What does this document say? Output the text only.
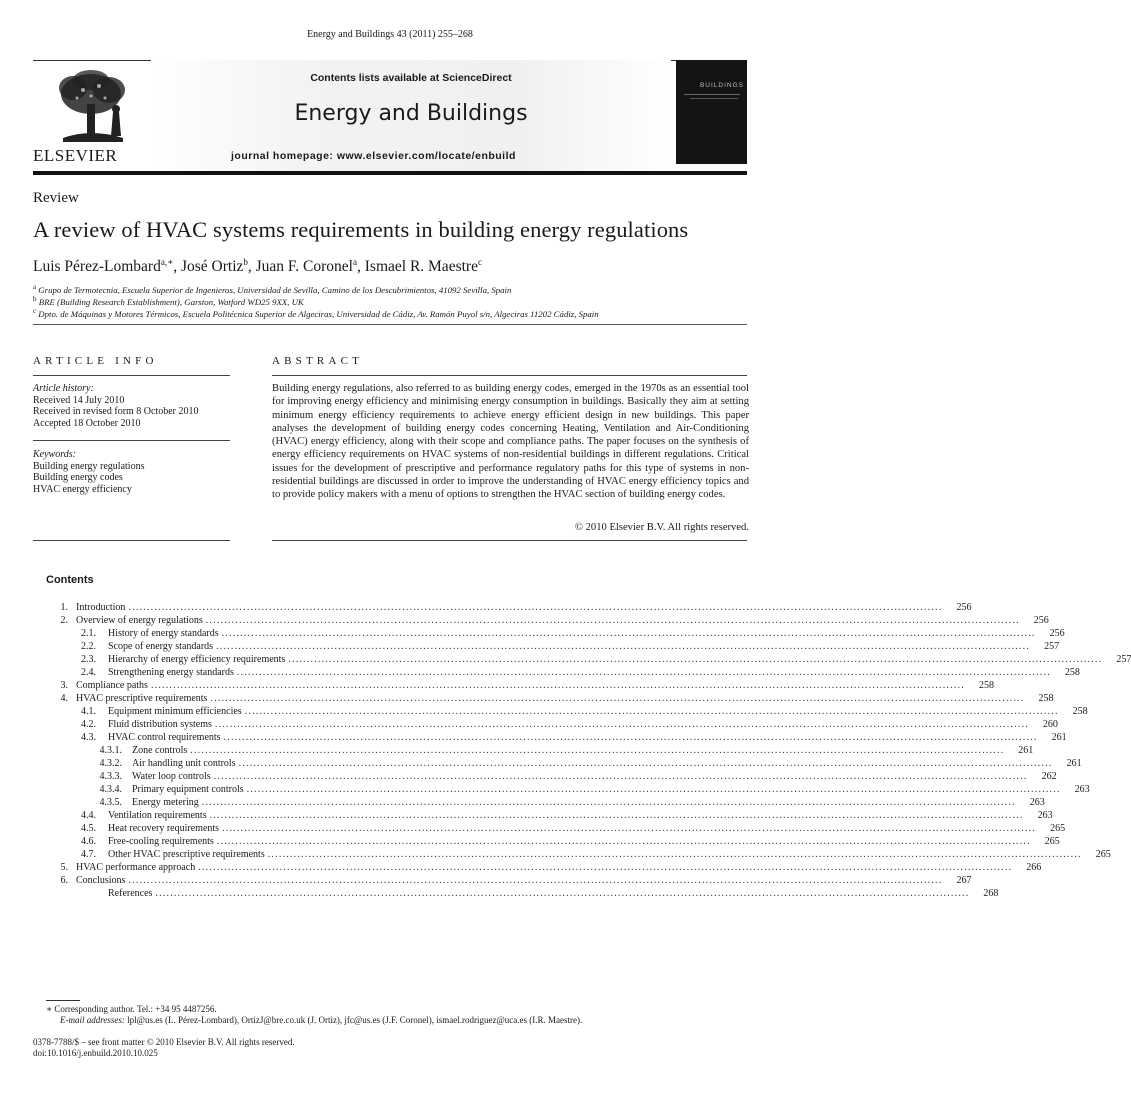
Energy and Buildings 43 (2011) 255–268
ELSEVIER
Contents lists available at ScienceDirect
Energy and Buildings
journal homepage: www.elsevier.com/locate/enbuild
BUILDINGS
Review
A review of HVAC systems requirements in building energy regulations
Luis Pérez-Lombard$^{a,∗}$, José Ortiz$^b$, Juan F. Coronel$^a$, Ismael R. Maestre$^c$
$^a$ Grupo de Termotecnia, Escuela Superior de Ingenieros, Universidad de Sevilla, Camino de los Descubrimientos, 41092 Sevilla, Spain
$^b$ BRE (Building Research Establishment), Garston, Watford WD25 9XX, UK
$^c$ Dpto. de Máquinas y Motores Térmicos, Escuela Politécnica Superior de Algeciras, Universidad de Cádiz, Av. Ramón Puyol s/n, Algeciras 11202 Cádiz, Spain
ARTICLE INFO	ABSTRACT
Article history:
Received 14 July 2010
Received in revised form 8 October 2010
Accepted 18 October 2010
Keywords:
Building energy regulations
Building energy codes
HVAC energy efficiency
Building energy regulations, also referred to as building energy codes, emerged in the 1970s as an essential tool for improving energy efficiency and minimising energy consumption in buildings. Basically they aim at setting minimum energy efficiency requirements to achieve energy efficient design in new buildings. This paper analyses the development of building energy codes concerning Heating, Ventilation and Air-Conditioning (HVAC) energy efficiency, along with their scope and compliance paths. The paper focuses on the synthesis of energy efficiency requirements on HVAC systems of non-residential buildings in different regulations. Critical issues for the development of prescriptive and performance regulatory paths for this type of systems in non-residential buildings are discussed in order to improve the understanding of HVAC energy efficiency topics and to provide policy makers with a menu of options to strengthen the HVAC section of building energy codes.
© 2010 Elsevier B.V. All rights reserved.
Contents
1. Introduction ............................................................................................................................................................................................................................	256
2. Overview of energy regulations ............................................................................................................................................................................................................................	256
2.1. History of energy standards ............................................................................................................................................................................................................................	256
2.2. Scope of energy standards ............................................................................................................................................................................................................................	257
2.3. Hierarchy of energy efficiency requirements ............................................................................................................................................................................................................................	257
2.4. Strengthening energy standards ............................................................................................................................................................................................................................	258
3. Compliance paths ............................................................................................................................................................................................................................	258
4. HVAC prescriptive requirements ............................................................................................................................................................................................................................	258
4.1. Equipment minimum efficiencies ............................................................................................................................................................................................................................	258
4.2. Fluid distribution systems ............................................................................................................................................................................................................................	260
4.3. HVAC control requirements ............................................................................................................................................................................................................................	261
4.3.1. Zone controls ............................................................................................................................................................................................................................	261
4.3.2. Air handling unit controls ............................................................................................................................................................................................................................	261
4.3.3. Water loop controls ............................................................................................................................................................................................................................	262
4.3.4. Primary equipment controls ............................................................................................................................................................................................................................	263
4.3.5. Energy metering ............................................................................................................................................................................................................................	263
4.4. Ventilation requirements ............................................................................................................................................................................................................................	263
4.5. Heat recovery requirements ............................................................................................................................................................................................................................	265
4.6. Free-cooling requirements ............................................................................................................................................................................................................................	265
4.7. Other HVAC prescriptive requirements ............................................................................................................................................................................................................................	265
5. HVAC performance approach ............................................................................................................................................................................................................................	266
6. Conclusions ............................................................................................................................................................................................................................	267
References ............................................................................................................................................................................................................................	268
∗ Corresponding author. Tel.: +34 95 4487256.
E-mail addresses: lpl@us.es (L. Pérez-Lombard), OrtizJ@bre.co.uk (J. Ortiz), jfc@us.es (J.F. Coronel), ismael.rodriguez@uca.es (I.R. Maestre).
0378-7788/$ – see front matter © 2010 Elsevier B.V. All rights reserved.
doi:10.1016/j.enbuild.2010.10.025
